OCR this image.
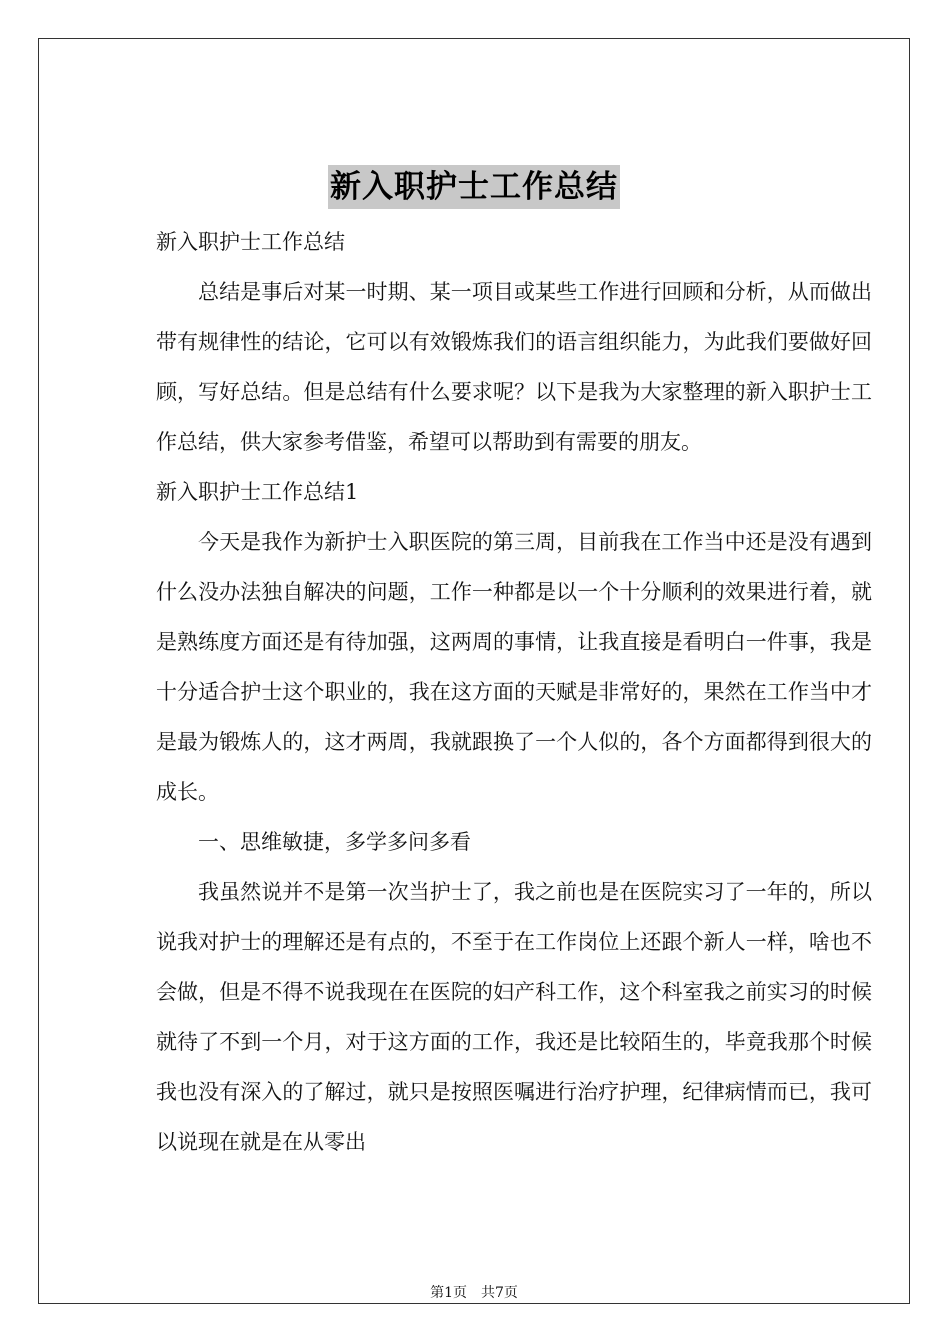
新入职护士工作总结

新入职护士工作总结

总结是事后对某一时期、某一项目或某些工作进行回顾和分析，从而做出带有规律性的结论，它可以有效锻炼我们的语言组织能力，为此我们要做好回顾，写好总结。但是总结有什么要求呢？以下是我为大家整理的新入职护士工作总结，供大家参考借鉴，希望可以帮助到有需要的朋友。

新入职护士工作总结1

今天是我作为新护士入职医院的第三周，目前我在工作当中还是没有遇到什么没办法独自解决的问题，工作一种都是以一个十分顺利的效果进行着，就是熟练度方面还是有待加强，这两周的事情，让我直接是看明白一件事，我是十分适合护士这个职业的，我在这方面的天赋是非常好的，果然在工作当中才是最为锻炼人的，这才两周，我就跟换了一个人似的，各个方面都得到很大的成长。

一、思维敏捷，多学多问多看

我虽然说并不是第一次当护士了，我之前也是在医院实习了一年的，所以说我对护士的理解还是有点的，不至于在工作岗位上还跟个新人一样，啥也不会做，但是不得不说我现在在医院的妇产科工作，这个科室我之前实习的时候就待了不到一个月，对于这方面的工作，我还是比较陌生的，毕竟我那个时候我也没有深入的了解过，就只是按照医嘱进行治疗护理，纪律病情而已，我可以说现在就是在从零出

第1页　共7页
